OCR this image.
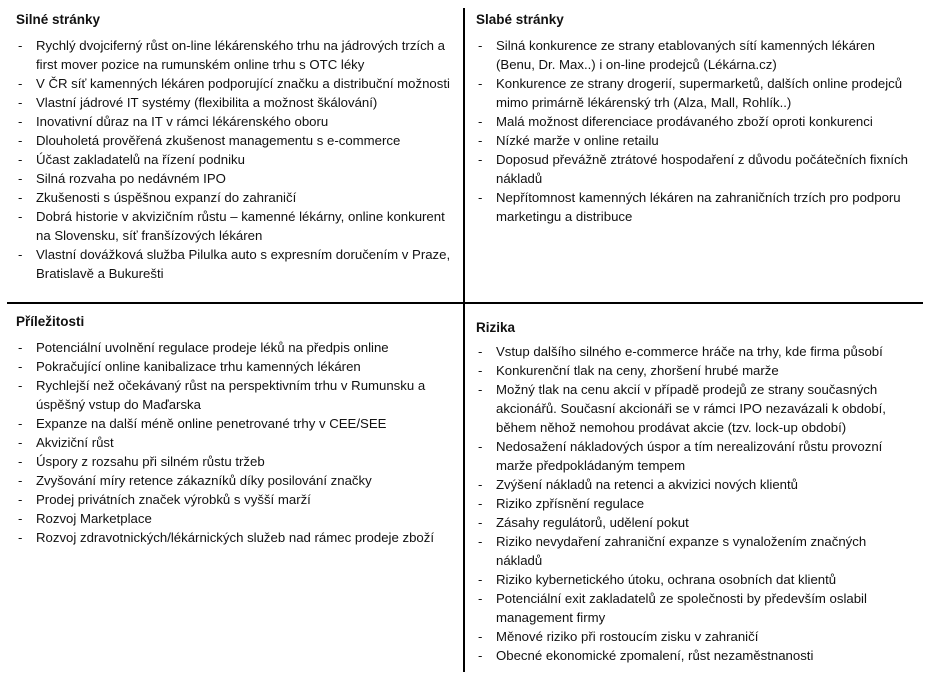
Silné stránky
- Rychlý dvojciferný růst on-line lékárenského trhu na jádrových trzích a first mover pozice na rumunském online trhu s OTC léky
- V ČR síť kamenných lékáren podporující značku a distribuční možnosti
- Vlastní jádrové IT systémy (flexibilita a možnost škálování)
- Inovativní důraz na IT v rámci lékárenského oboru
- Dlouholetá prověřená zkušenost managementu s e-commerce
- Účast zakladatelů na řízení podniku
- Silná rozvaha po nedávném IPO
- Zkušenosti s úspěšnou expanzí do zahraničí
- Dobrá historie v akvizičním růstu – kamenné lékárny, online konkurent na Slovensku, síť franšízových lékáren
- Vlastní dovážková služba Pilulka auto s expresním doručením v Praze, Bratislavě a Bukurešti
Slabé stránky
- Silná konkurence ze strany etablovaných sítí kamenných lékáren (Benu, Dr. Max..) i on-line prodejců (Lékárna.cz)
- Konkurence ze strany drogerií, supermarketů, dalších online prodejců mimo primárně lékárenský trh (Alza, Mall, Rohlík..)
- Malá možnost diferenciace prodávaného zboží oproti konkurenci
- Nízké marže v online retailu
- Doposud převážně ztrátové hospodaření z důvodu počátečních fixních nákladů
- Nepřítomnost kamenných lékáren na zahraničních trzích pro podporu marketingu a distribuce
Příležitosti
- Potenciální uvolnění regulace prodeje léků na předpis online
- Pokračující online kanibalizace trhu kamenných lékáren
- Rychlejší než očekávaný růst na perspektivním trhu v Rumunsku a úspěšný vstup do Maďarska
- Expanze na další méně online penetrované trhy v CEE/SEE
- Akviziční růst
- Úspory z rozsahu při silném růstu tržeb
- Zvyšování míry retence zákazníků díky posilování značky
- Prodej privátních značek výrobků s vyšší marží
- Rozvoj Marketplace
- Rozvoj zdravotnických/lékárnických služeb nad rámec prodeje zboží
Rizika
- Vstup dalšího silného e-commerce hráče na trhy, kde firma působí
- Konkurenční tlak na ceny, zhoršení hrubé marže
- Možný tlak na cenu akcií v případě prodejů ze strany současných akcionářů. Současní akcionáři se v rámci IPO nezavázali k období, během něhož nemohou prodávat akcie (tzv. lock-up období)
- Nedosažení nákladových úspor a tím nerealizování růstu provozní marže předpokládaným tempem
- Zvýšení nákladů na retenci a akvizici nových klientů
- Riziko zpřísnění regulace
- Zásahy regulátorů, udělení pokut
- Riziko nevydaření zahraniční expanze s vynaložením značných nákladů
- Riziko kybernetického útoku, ochrana osobních dat klientů
- Potenciální exit zakladatelů ze společnosti by především oslabil management firmy
- Měnové riziko při rostoucím zisku v zahraničí
- Obecné ekonomické zpomalení, růst nezaměstnanosti
